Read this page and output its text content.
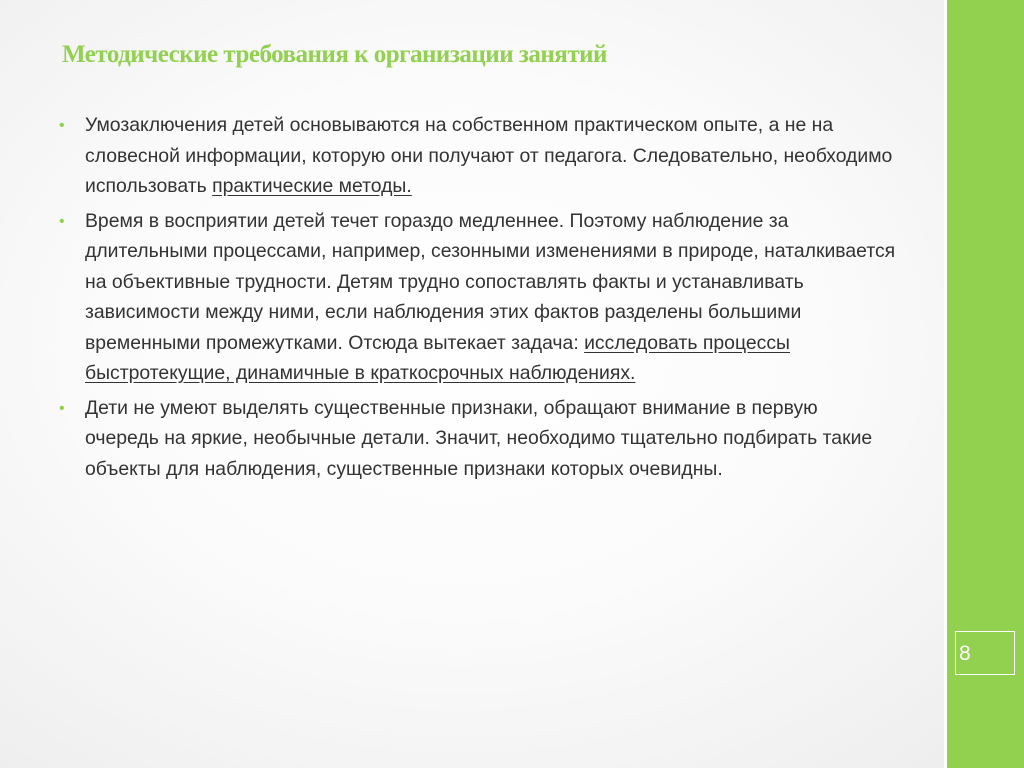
8
Методические требования к организации занятий
• Умозаключения детей основываются на собственном практическом опыте, а не на словесной информации, которую они получают от педагога. Следовательно, необходимо использовать практические методы.
• Время в восприятии детей течет гораздо медленнее. Поэтому наблюдение за длительными процессами, например, сезонными изменениями в природе, наталкивается на объективные трудности. Детям трудно сопоставлять факты и устанавливать зависимости между ними, если наблюдения этих фактов разделены большими временными промежутками. Отсюда вытекает задача: исследовать процессы быстротекущие, динамичные в краткосрочных наблюдениях.
• Дети не умеют выделять существенные признаки, обращают внимание в первую очередь на яркие, необычные детали. Значит, необходимо тщательно подбирать такие объекты для наблюдения, существенные признаки которых очевидны.
